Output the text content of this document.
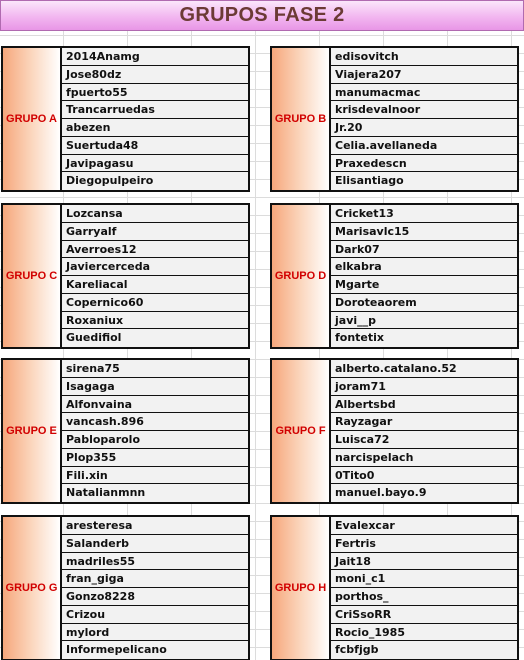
GRUPOS FASE 2
GRUPO A
2014Anamg
Jose80dz
fpuerto55
Trancarruedas
abezen
Suertuda48
Javipagasu
Diegopulpeiro
GRUPO B
edisovitch
Viajera207
manumacmac
krisdevalnoor
Jr.20
Celia.avellaneda
Praxedescn
Elisantiago
GRUPO C
Lozcansa
Garryalf
Averroes12
Javiercerceda
Kareliacal
Copernico60
Roxaniux
Guedifiol
GRUPO D
Cricket13
Marisavlc15
Dark07
elkabra
Mgarte
Doroteaorem
javi__p
fontetix
GRUPO E
sirena75
Isagaga
Alfonvaina
vancash.896
Pabloparolo
Plop355
Fili.xin
Natalianmnn
GRUPO F
alberto.catalano.52
joram71
Albertsbd
Rayzagar
Luisca72
narcispelach
0Tito0
manuel.bayo.9
GRUPO G
aresteresa
Salanderb
madriles55
fran_giga
Gonzo8228
Crizou
mylord
Informepelicano
GRUPO H
Evalexcar
Fertris
Jait18
moni_c1
porthos_
CriSsoRR
Rocio_1985
fcbfjgb
